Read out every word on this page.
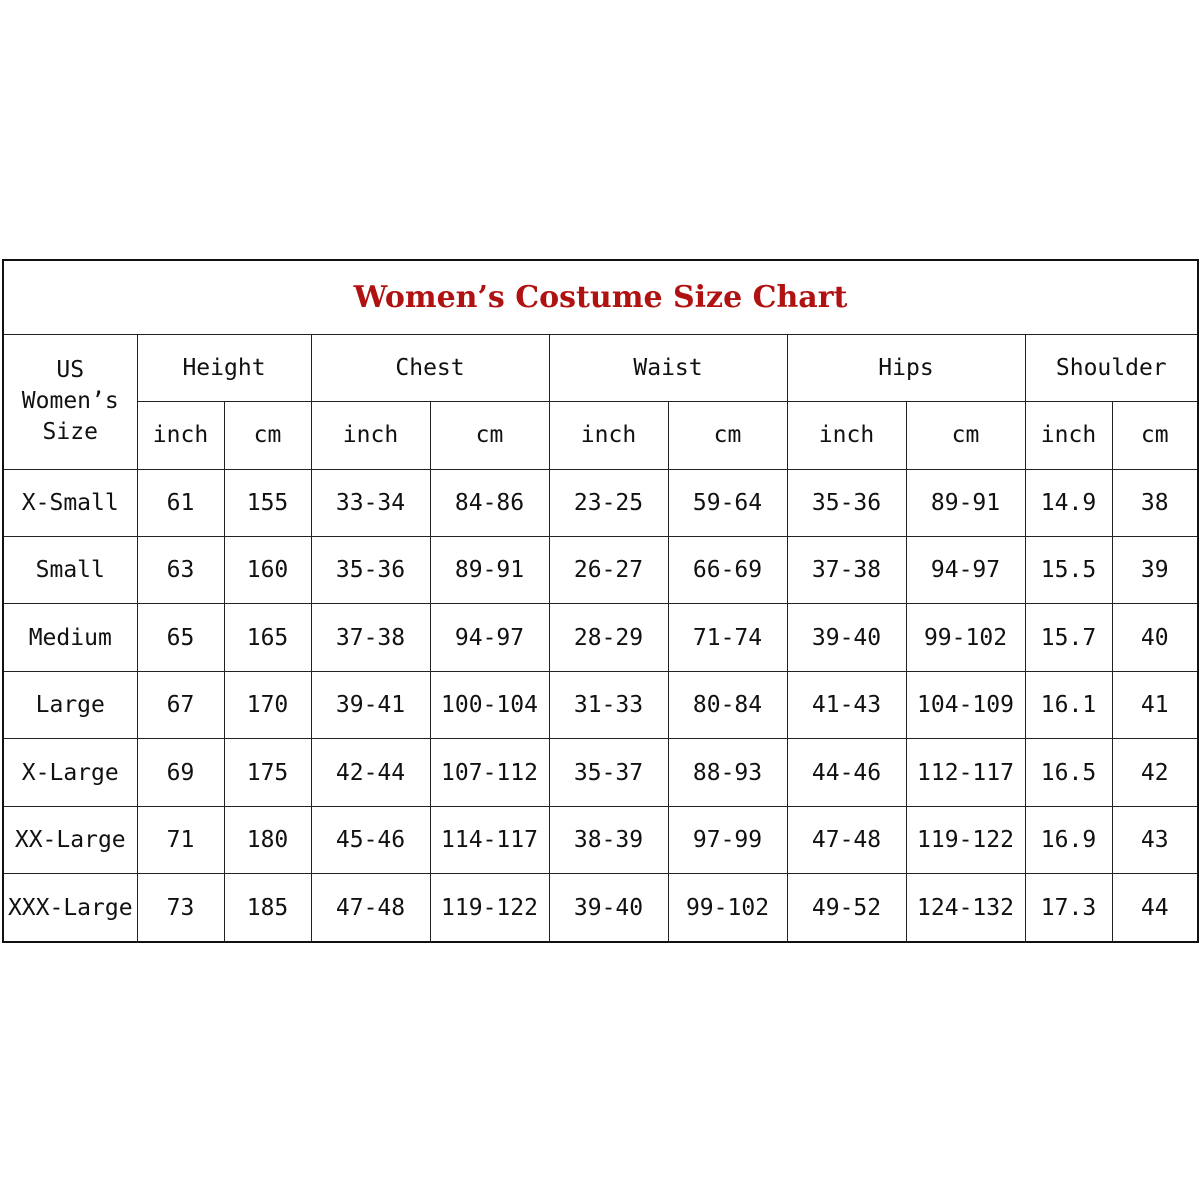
Women’s Costume Size Chart										
US Women’s
Size	Height		Chest		Waist		Hips		Shoulder	
	inch	cm	inch	cm	inch	cm	inch	cm	inch	cm
X-Small	61	155	33-34	84-86	23-25	59-64	35-36	89-91	14.9	38
Small	63	160	35-36	89-91	26-27	66-69	37-38	94-97	15.5	39
Medium	65	165	37-38	94-97	28-29	71-74	39-40	99-102	15.7	40
Large	67	170	39-41	100-104	31-33	80-84	41-43	104-109	16.1	41
X-Large	69	175	42-44	107-112	35-37	88-93	44-46	112-117	16.5	42
XX-Large	71	180	45-46	114-117	38-39	97-99	47-48	119-122	16.9	43
XXX-Large	73	185	47-48	119-122	39-40	99-102	49-52	124-132	17.3	44
